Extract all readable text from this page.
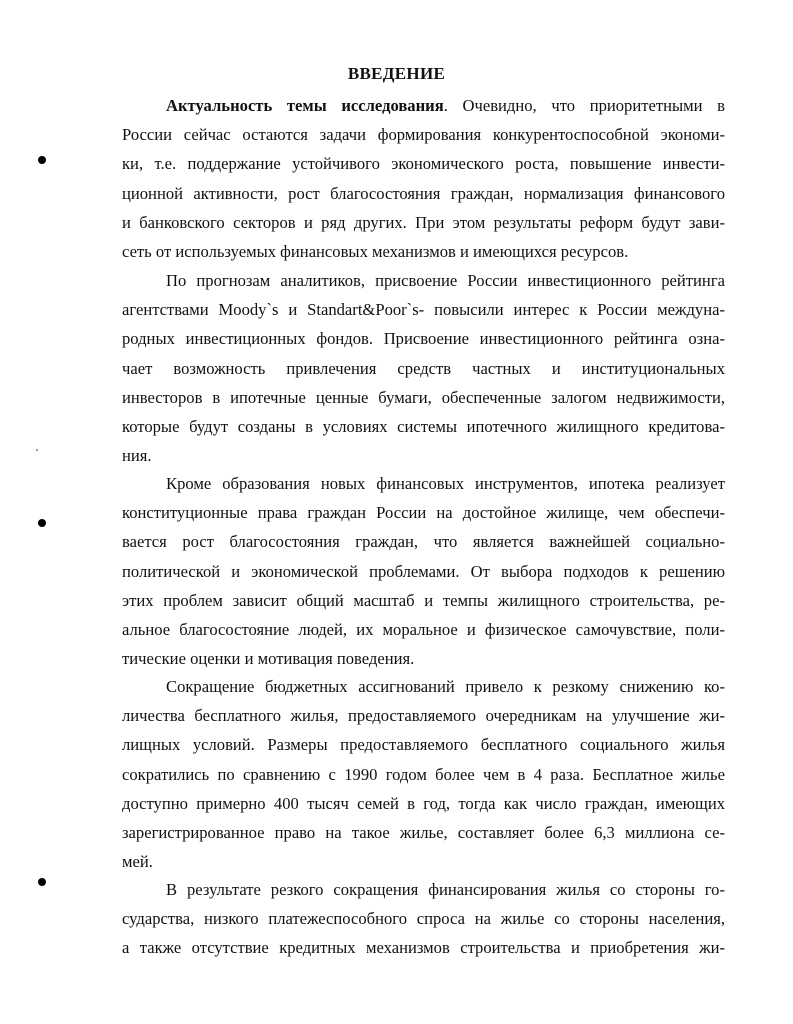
ВВЕДЕНИЕ
Актуальность темы исследования. Очевидно, что приоритетными в
России сейчас остаются задачи формирования конкурентоспособной экономи-
ки, т.е. поддержание устойчивого экономического роста, повышение инвести-
ционной активности, рост благосостояния граждан, нормализация финансового
и банковского секторов и ряд других. При этом результаты реформ будут зави-
сеть от используемых финансовых механизмов и имеющихся ресурсов.
По прогнозам аналитиков, присвоение России инвестиционного рейтинга
агентствами Moody`s и Standart&Poor`s- повысили интерес к России междуна-
родных инвестиционных фондов. Присвоение инвестиционного рейтинга озна-
чает возможность привлечения средств частных и институциональных
инвесторов в ипотечные ценные бумаги, обеспеченные залогом недвижимости,
которые будут созданы в условиях системы ипотечного жилищного кредитова-
ния.
Кроме образования новых финансовых инструментов, ипотека реализует
конституционные права граждан России на достойное жилище, чем обеспечи-
вается рост благосостояния граждан, что является важнейшей социально-
политической и экономической проблемами. От выбора подходов к решению
этих проблем зависит общий масштаб и темпы жилищного строительства, ре-
альное благосостояние людей, их моральное и физическое самочувствие, поли-
тические оценки и мотивация поведения.
Сокращение бюджетных ассигнований привело к резкому снижению ко-
личества бесплатного жилья, предоставляемого очередникам на улучшение жи-
лищных условий. Размеры предоставляемого бесплатного социального жилья
сократились по сравнению с 1990 годом более чем в 4 раза. Бесплатное жилье
доступно примерно 400 тысяч семей в год, тогда как число граждан, имеющих
зарегистрированное право на такое жилье, составляет более 6,3 миллиона се-
мей.
В результате резкого сокращения финансирования жилья со стороны го-
сударства, низкого платежеспособного спроса на жилье со стороны населения,
а также отсутствие кредитных механизмов строительства и приобретения жи-
